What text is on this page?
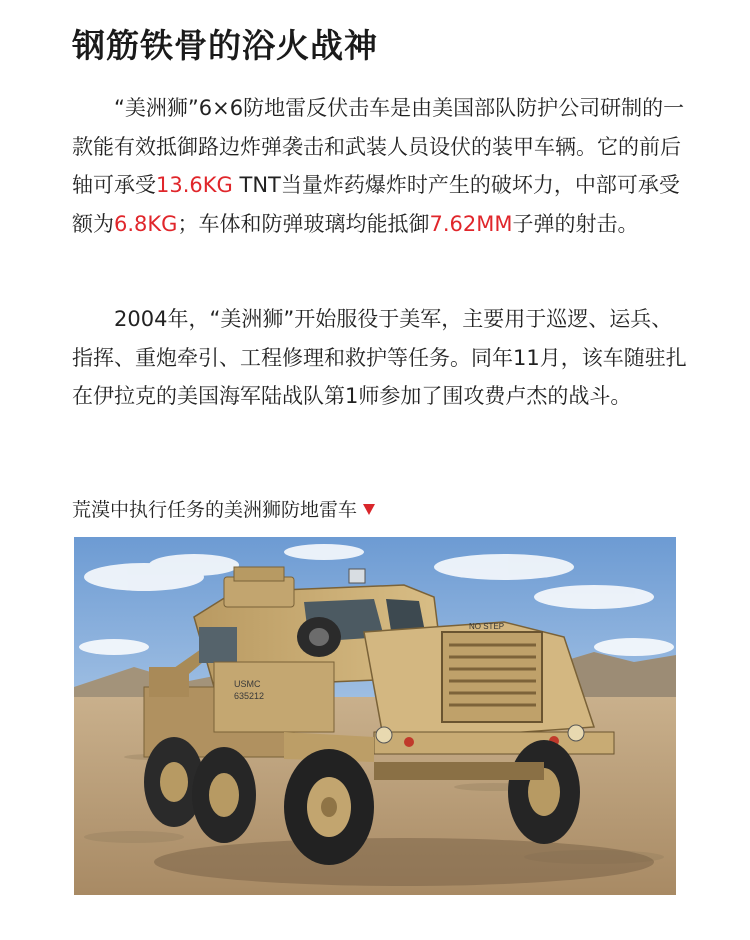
钢筋铁骨的浴火战神
“美洲狮”6×6防地雷反伏击车是由美国部队防护公司研制的一款能有效抵御路边炸弹袭击和武装人员设伏的装甲车辆。它的前后轴可承受13.6KG TNT当量炸药爆炸时产生的破坏力，中部可承受额为6.8KG；车体和防弹玻璃均能抵御7.62MM子弹的射击。
2004年，“美洲狮”开始服役于美军，主要用于巡逻、运兵、指挥、重炮牵引、工程修理和救护等任务。同年11月，该车随驻扎在伊拉克的美国海军陆战队第1师参加了围攻费卢杰的战斗。
荒漠中执行任务的美洲狮防地雷车
USMC
635212
NO STEP
